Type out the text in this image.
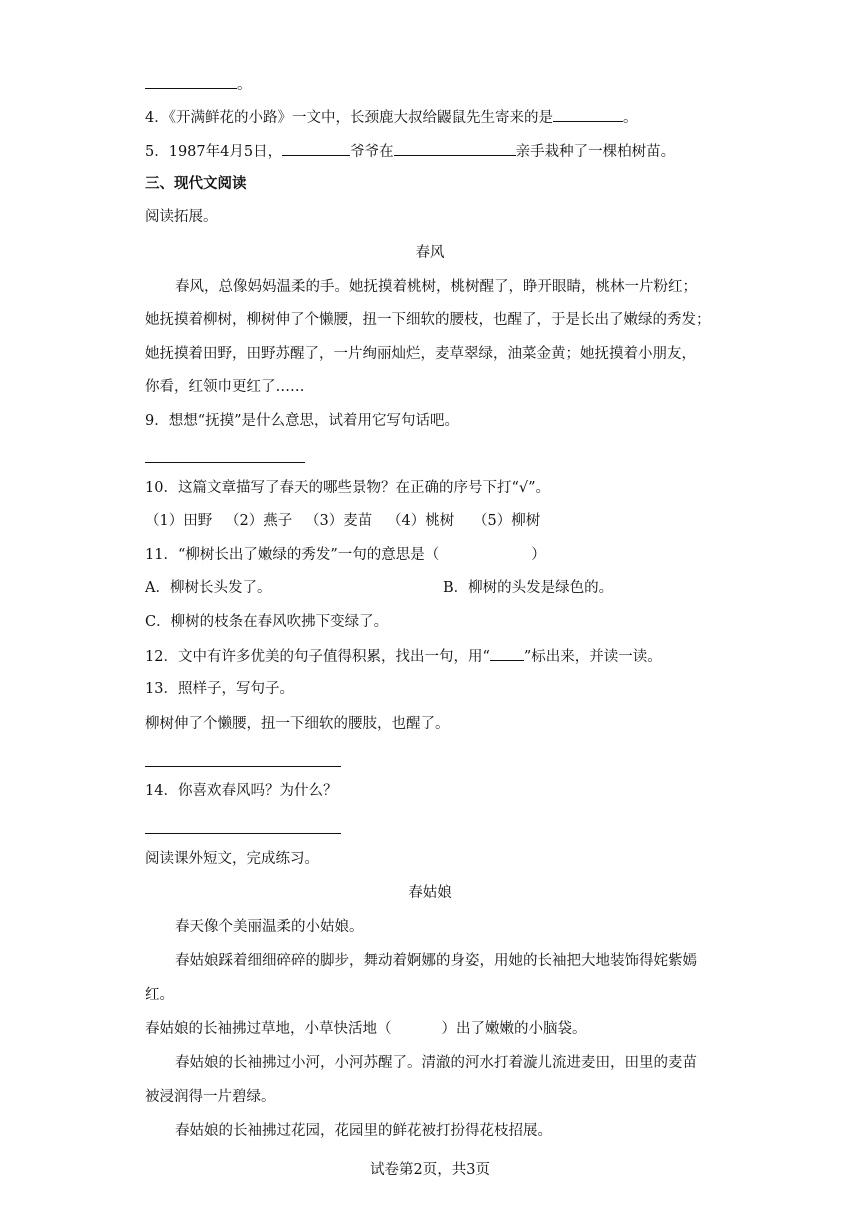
。
4．《开满鲜花的小路》一文中，长颈鹿大叔给鼹鼠先生寄来的是	。
5．1987年4月5日，	爷爷在	亲手栽种了一棵柏树苗。
三、现代文阅读
阅读拓展。
春风
春风，总像妈妈温柔的手。她抚摸着桃树，桃树醒了，睁开眼睛，桃林一片粉红；
她抚摸着柳树，柳树伸了个懒腰，扭一下细软的腰枝，也醒了，于是长出了嫩绿的秀发；
她抚摸着田野，田野苏醒了，一片绚丽灿烂，麦草翠绿，油菜金黄；她抚摸着小朋友，
你看，红领巾更红了……
9．想想“抚摸”是什么意思，试着用它写句话吧。
10．这篇文章描写了春天的哪些景物？在正确的序号下打“√”。
（1）田野 （2）燕子 （3）麦苗 （4）桃树 （5）柳树
11．“柳树长出了嫩绿的秀发”一句的意思是（	）
A．柳树长头发了。	B．柳树的头发是绿色的。
C．柳树的枝条在春风吹拂下变绿了。
12．文中有许多优美的句子值得积累，找出一句，用“ ”标出来，并读一读。
13．照样子，写句子。
柳树伸了个懒腰，扭一下细软的腰肢，也醒了。
14．你喜欢春风吗？为什么？
阅读课外短文，完成练习。
春姑娘
春天像个美丽温柔的小姑娘。
春姑娘踩着细细碎碎的脚步，舞动着婀娜的身姿，用她的长袖把大地装饰得姹紫嫣
红。
春姑娘的长袖拂过草地，小草快活地（	）出了嫩嫩的小脑袋。
春姑娘的长袖拂过小河，小河苏醒了。清澈的河水打着漩儿流进麦田，田里的麦苗
被浸润得一片碧绿。
春姑娘的长袖拂过花园，花园里的鲜花被打扮得花枝招展。
试卷第2页，共3页
